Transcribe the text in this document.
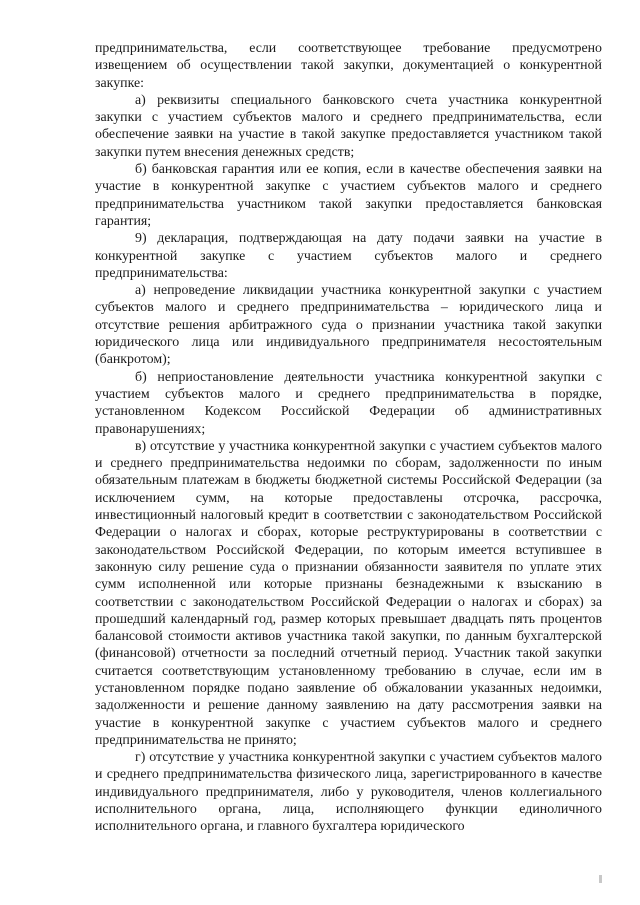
предпринимательства, если соответствующее требование предусмотрено извещением об осуществлении такой закупки, документацией о конкурентной закупке:

а) реквизиты специального банковского счета участника конкурентной закупки с участием субъектов малого и среднего предпринимательства, если обеспечение заявки на участие в такой закупке предоставляется участником такой закупки путем внесения денежных средств;

б) банковская гарантия или ее копия, если в качестве обеспечения заявки на участие в конкурентной закупке с участием субъектов малого и среднего предпринимательства участником такой закупки предоставляется банковская гарантия;

9) декларация, подтверждающая на дату подачи заявки на участие в конкурентной закупке с участием субъектов малого и среднего предпринимательства:

а) непроведение ликвидации участника конкурентной закупки с участием субъектов малого и среднего предпринимательства – юридического лица и отсутствие решения арбитражного суда о признании участника такой закупки юридического лица или индивидуального предпринимателя несостоятельным (банкротом);

б) неприостановление деятельности участника конкурентной закупки с участием субъектов малого и среднего предпринимательства в порядке, установленном Кодексом Российской Федерации об административных правонарушениях;

в) отсутствие у участника конкурентной закупки с участием субъектов малого и среднего предпринимательства недоимки по сборам, задолженности по иным обязательным платежам в бюджеты бюджетной системы Российской Федерации (за исключением сумм, на которые предоставлены отсрочка, рассрочка, инвестиционный налоговый кредит в соответствии с законодательством Российской Федерации о налогах и сборах, которые реструктурированы в соответствии с законодательством Российской Федерации, по которым имеется вступившее в законную силу решение суда о признании обязанности заявителя по уплате этих сумм исполненной или которые признаны безнадежными к взысканию в соответствии с законодательством Российской Федерации о налогах и сборах) за прошедший календарный год, размер которых превышает двадцать пять процентов балансовой стоимости активов участника такой закупки, по данным бухгалтерской (финансовой) отчетности за последний отчетный период. Участник такой закупки считается соответствующим установленному требованию в случае, если им в установленном порядке подано заявление об обжаловании указанных недоимки, задолженности и решение данному заявлению на дату рассмотрения заявки на участие в конкурентной закупке с участием субъектов малого и среднего предпринимательства не принято;

г) отсутствие у участника конкурентной закупки с участием субъектов малого и среднего предпринимательства физического лица, зарегистрированного в качестве индивидуального предпринимателя, либо у руководителя, членов коллегиального исполнительного органа, лица, исполняющего функции единоличного исполнительного органа, и главного бухгалтера юридического
